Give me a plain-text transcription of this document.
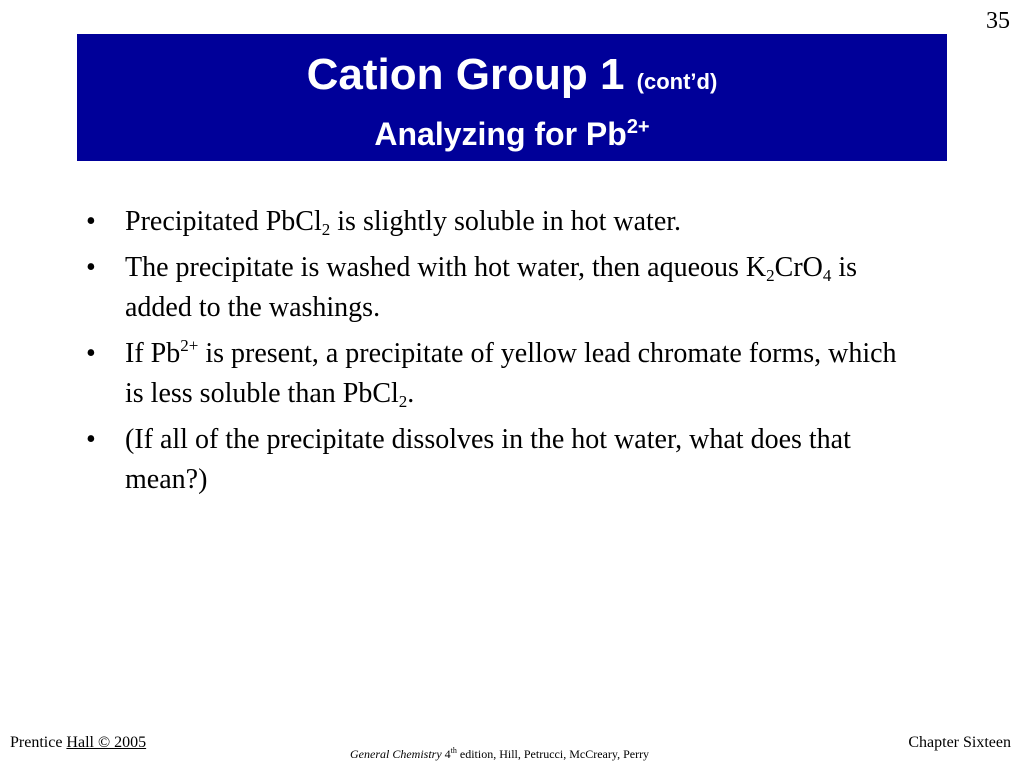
35
Cation Group 1 (cont’d)
Analyzing for $Pb^{2+}$
• Precipitated PbCl$_2$ is slightly soluble in hot water.
• The precipitate is washed with hot water, then aqueous $K_2CrO_4$ is added to the washings.
• If $Pb^{2+}$ is present, a precipitate of yellow lead chromate forms, which is less soluble than PbCl$_2$.
• (If all of the precipitate dissolves in the hot water, what does that mean?)
Prentice Hall © 2005
General Chemistry 4th edition, Hill, Petrucci, McCreary, Perry
Chapter Sixteen
